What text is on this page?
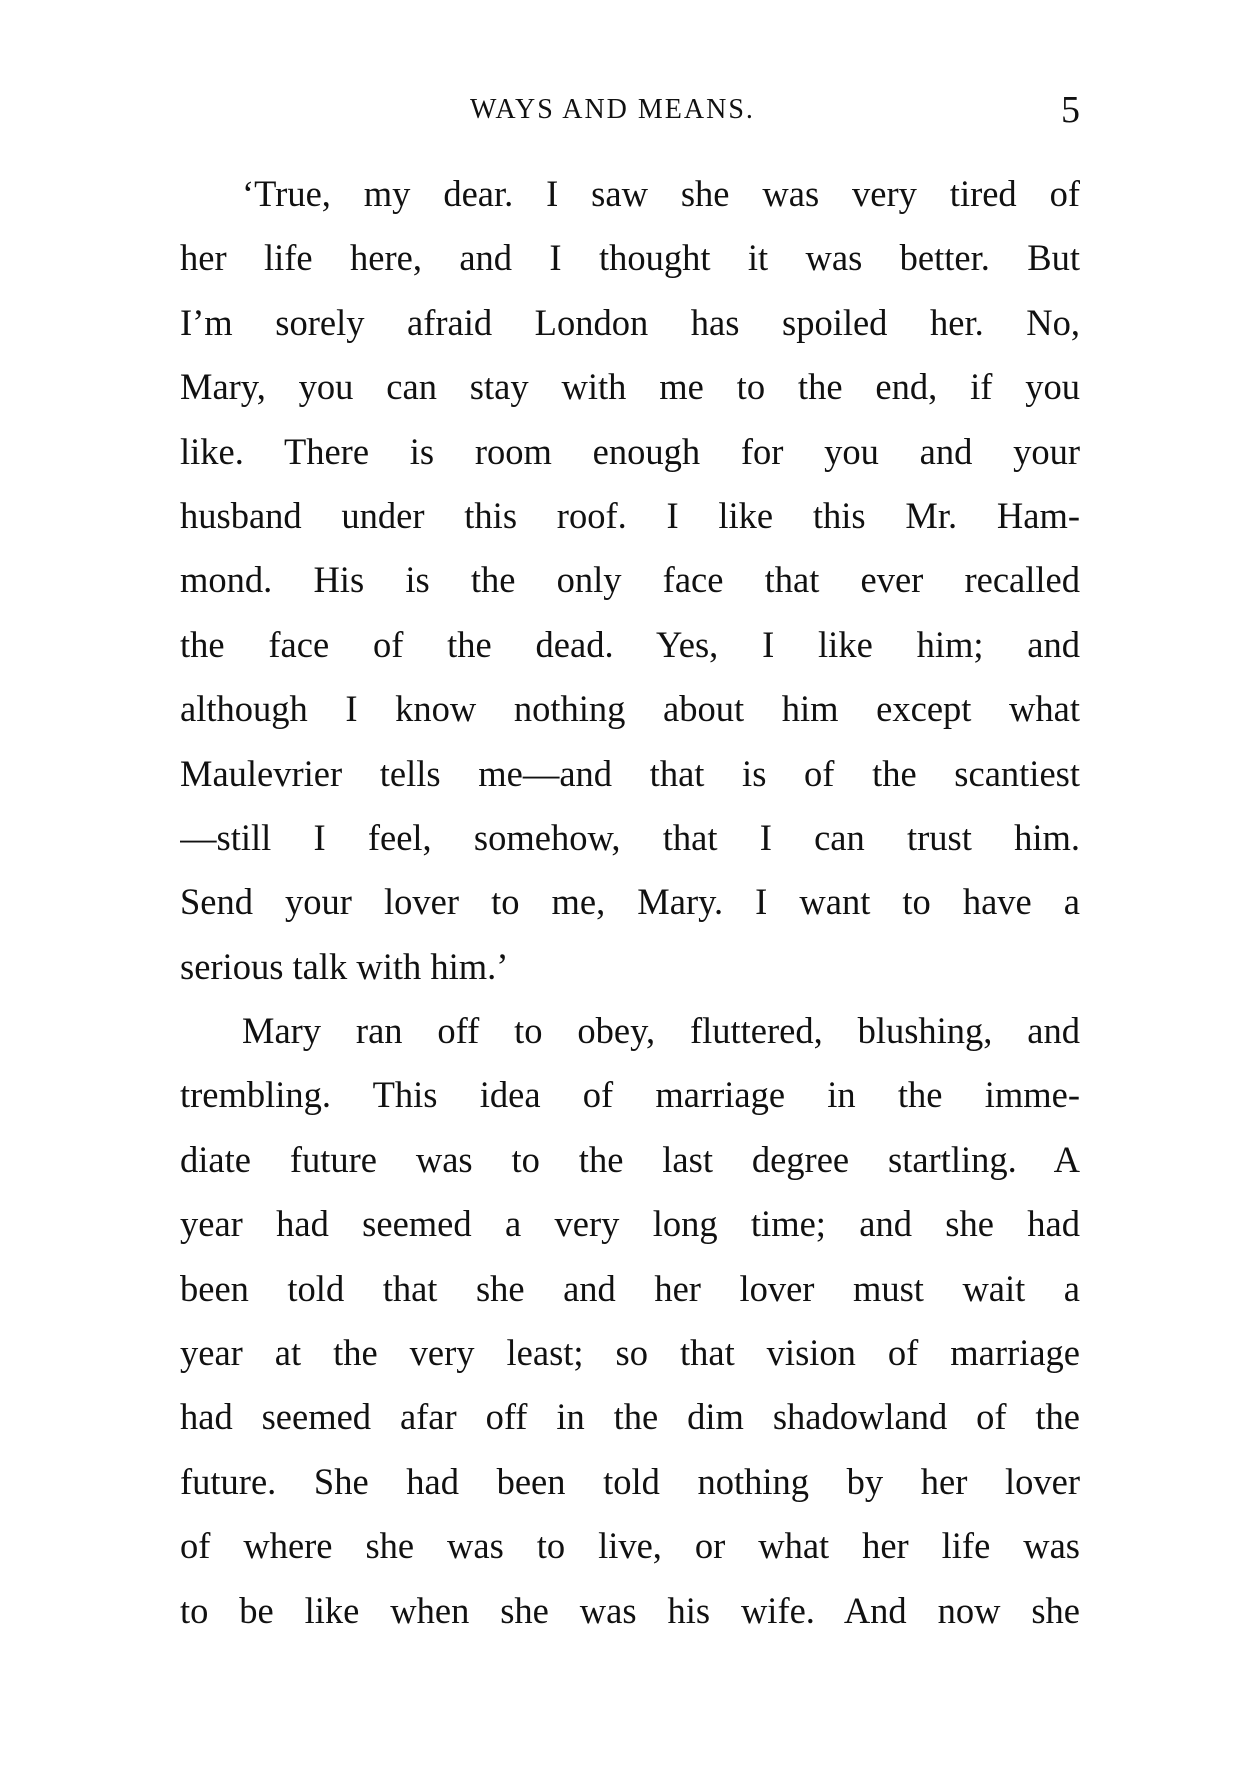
WAYS AND MEANS.	5
‘True, my dear. I saw she was very tired of
her life here, and I thought it was better. But
I’m sorely afraid London has spoiled her. No,
Mary, you can stay with me to the end, if you
like. There is room enough for you and your
husband under this roof. I like this Mr. Ham-
mond. His is the only face that ever recalled
the face of the dead. Yes, I like him; and
although I know nothing about him except what
Maulevrier tells me—and that is of the scantiest
—still I feel, somehow, that I can trust him.
Send your lover to me, Mary. I want to have a
serious talk with him.’
Mary ran off to obey, fluttered, blushing, and
trembling. This idea of marriage in the imme-
diate future was to the last degree startling. A
year had seemed a very long time; and she had
been told that she and her lover must wait a
year at the very least; so that vision of marriage
had seemed afar off in the dim shadowland of the
future. She had been told nothing by her lover
of where she was to live, or what her life was
to be like when she was his wife. And now she
